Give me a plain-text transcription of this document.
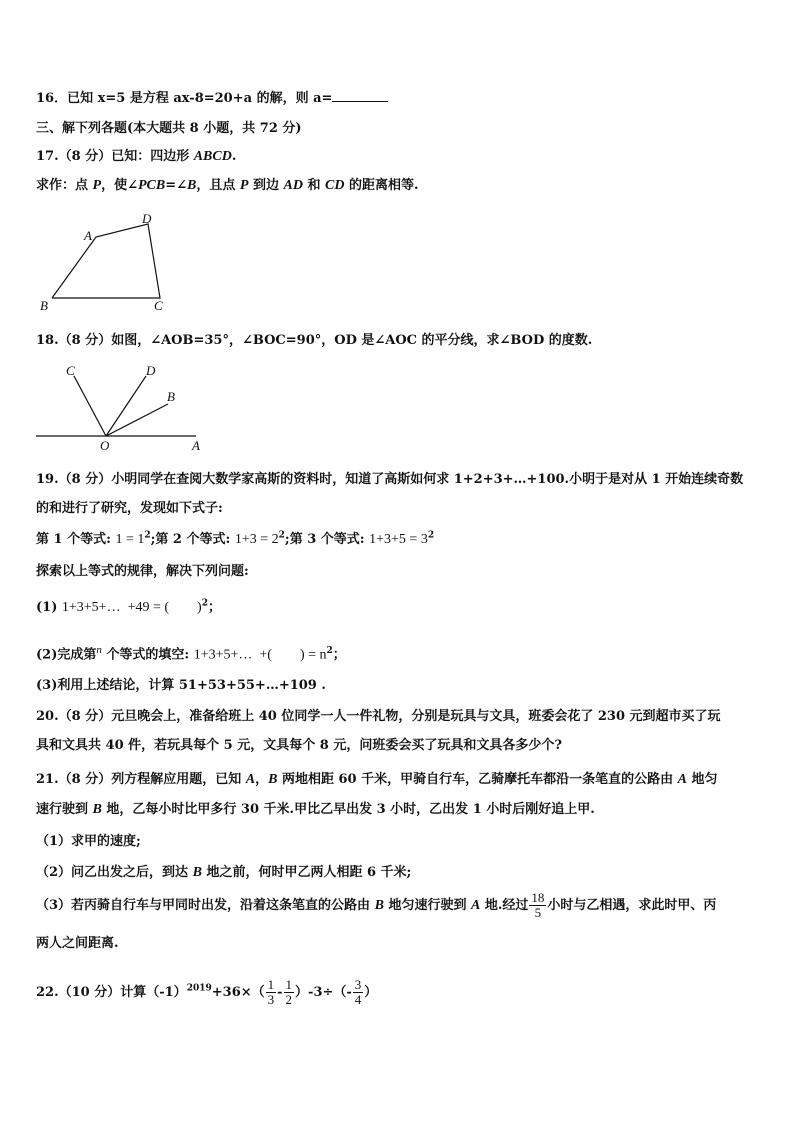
16．已知 x=5 是方程 ax-8=20+a 的解，则 a=
三、解下列各题(本大题共 8 小题，共 72 分)
17.（8 分）已知：四边形 ABCD.
求作：点 P，使∠PCB=∠B，且点 P 到边 AD 和 CD 的距离相等.
A
D
B	C
18.（8 分）如图，∠AOB=35°，∠BOC=90°，OD 是∠AOC 的平分线，求∠BOD 的度数.
C	D
B
O	A
19.（8 分）小明同学在查阅大数学家高斯的资料时，知道了高斯如何求 1+2+3+…+100.小明于是对从 1 开始连续奇数
的和进行了研究，发现如下式子:
第 1 个等式: $1 = 1^2$;第 2 个等式: $1+3 = 2^2$;第 3 个等式: $1+3+5 = 3^2$
探索以上等式的规律，解决下列问题:
(1) 1+3+5+…  +49 = (        )$^2$；
(2)完成第$^n$ 个等式的填空: 1+3+5+…  +(        ) = $n^2$；
(3)利用上述结论，计算 51+53+55+…+109 .
20.（8 分）元旦晚会上，准备给班上 40 位同学一人一件礼物，分别是玩具与文具，班委会花了 230 元到超市买了玩
具和文具共 40 件，若玩具每个 5 元，文具每个 8 元，问班委会买了玩具和文具各多少个?
21.（8 分）列方程解应用题，已知 A，B 两地相距 60 千米，甲骑自行车，乙骑摩托车都沿一条笔直的公路由 A 地匀
速行驶到 B 地，乙每小时比甲多行 30 千米.甲比乙早出发 3 小时，乙出发 1 小时后刚好追上甲.
（1）求甲的速度;
（2）问乙出发之后，到达 B 地之前，何时甲乙两人相距 6 千米;
（3）若丙骑自行车与甲同时出发，沿着这条笔直的公路由 B 地匀速行驶到 A 地.经过 $\frac{18}{5}$ 小时与乙相遇，求此时甲、丙
两人之间距离.
22.（10 分）计算$(-1)^{2019}+36\times( \frac{1}{3} - \frac{1}{2} )-3\div(- \frac{3}{4}$ ）
